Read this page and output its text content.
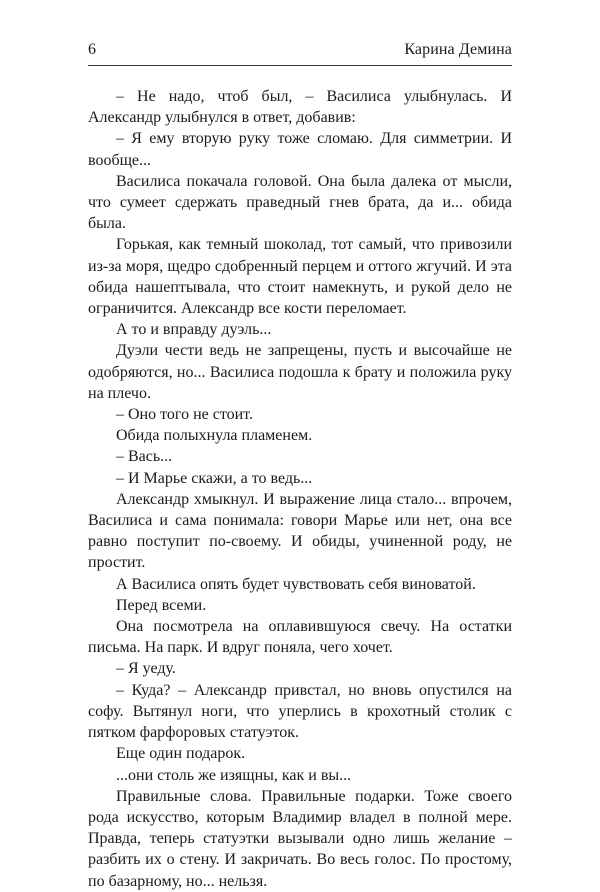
6	Карина Демина

– Не надо, чтоб был, – Василиса улыбнулась. И Александр улыбнулся в ответ, добавив:

– Я ему вторую руку тоже сломаю. Для симметрии. И вообще...

Василиса покачала головой. Она была далека от мысли, что сумеет сдержать праведный гнев брата, да и... обида была.

Горькая, как темный шоколад, тот самый, что привозили из-за моря, щедро сдобренный перцем и оттого жгучий. И эта обида нашептывала, что стоит намекнуть, и рукой дело не ограничится. Александр все кости переломает.

А то и вправду дуэль...

Дуэли чести ведь не запрещены, пусть и высочайше не одобряются, но... Василиса подошла к брату и положила руку на плечо.

– Оно того не стоит.

Обида полыхнула пламенем.

– Вась...

– И Марье скажи, а то ведь...

Александр хмыкнул. И выражение лица стало... впрочем, Василиса и сама понимала: говори Марье или нет, она все равно поступит по-своему. И обиды, учиненной роду, не простит.

А Василиса опять будет чувствовать себя виноватой.

Перед всеми.

Она посмотрела на оплавившуюся свечу. На остатки письма. На парк. И вдруг поняла, чего хочет.

– Я уеду.

– Куда? – Александр привстал, но вновь опустился на софу. Вытянул ноги, что уперлись в крохотный столик с пятком фарфоровых статуэток.

Еще один подарок.

...они столь же изящны, как и вы...

Правильные слова. Правильные подарки. Тоже своего рода искусство, которым Владимир владел в полной мере. Правда, теперь статуэтки вызывали одно лишь желание – разбить их о стену. И закричать. Во весь голос. По простому, по базарному, но... нельзя.
